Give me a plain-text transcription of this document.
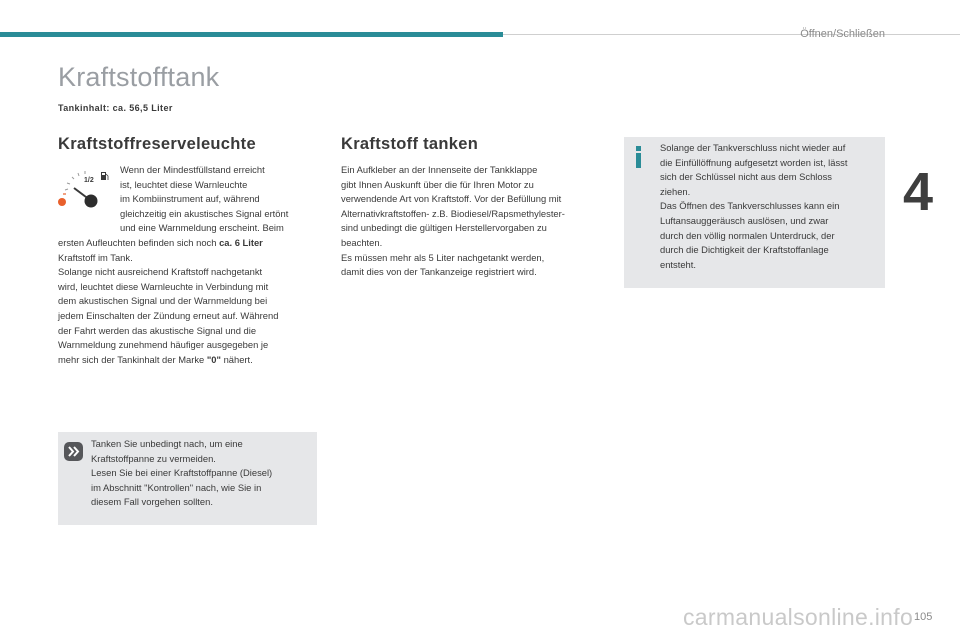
Öffnen/Schließen
4
Kraftstofftank
Tankinhalt: ca. 56,5 Liter
Kraftstoffreserveleuchte
1/2
Wenn der Mindestfüllstand erreicht
ist, leuchtet diese Warnleuchte
im Kombiinstrument auf, während
gleichzeitig ein akustisches Signal ertönt
und eine Warnmeldung erscheint. Beim
ersten Aufleuchten befinden sich noch ca. 6 Liter
Kraftstoff im Tank.
Solange nicht ausreichend Kraftstoff nachgetankt
wird, leuchtet diese Warnleuchte in Verbindung mit
dem akustischen Signal und der Warnmeldung bei
jedem Einschalten der Zündung erneut auf. Während
der Fahrt werden das akustische Signal und die
Warnmeldung zunehmend häufiger ausgegeben je
mehr sich der Tankinhalt der Marke "0" nähert.
Tanken Sie unbedingt nach, um eine
Kraftstoffpanne zu vermeiden.
Lesen Sie bei einer Kraftstoffpanne (Diesel)
im Abschnitt "Kontrollen" nach, wie Sie in
diesem Fall vorgehen sollten.
Kraftstoff tanken
Ein Aufkleber an der Innenseite der Tankklappe
gibt Ihnen Auskunft über die für Ihren Motor zu
verwendende Art von Kraftstoff. Vor der Befüllung mit
Alternativkraftstoffen- z.B. Biodiesel/Rapsmethylester-
sind unbedingt die gültigen Herstellervorgaben zu
beachten.
Es müssen mehr als 5 Liter nachgetankt werden,
damit dies von der Tankanzeige registriert wird.
Solange der Tankverschluss nicht wieder auf
die Einfüllöffnung aufgesetzt worden ist, lässt
sich der Schlüssel nicht aus dem Schloss
ziehen.
Das Öffnen des Tankverschlusses kann ein
Luftansauggeräusch auslösen, und zwar
durch den völlig normalen Unterdruck, der
durch die Dichtigkeit der Kraftstoffanlage
entsteht.
carmanualsonline.info 105
